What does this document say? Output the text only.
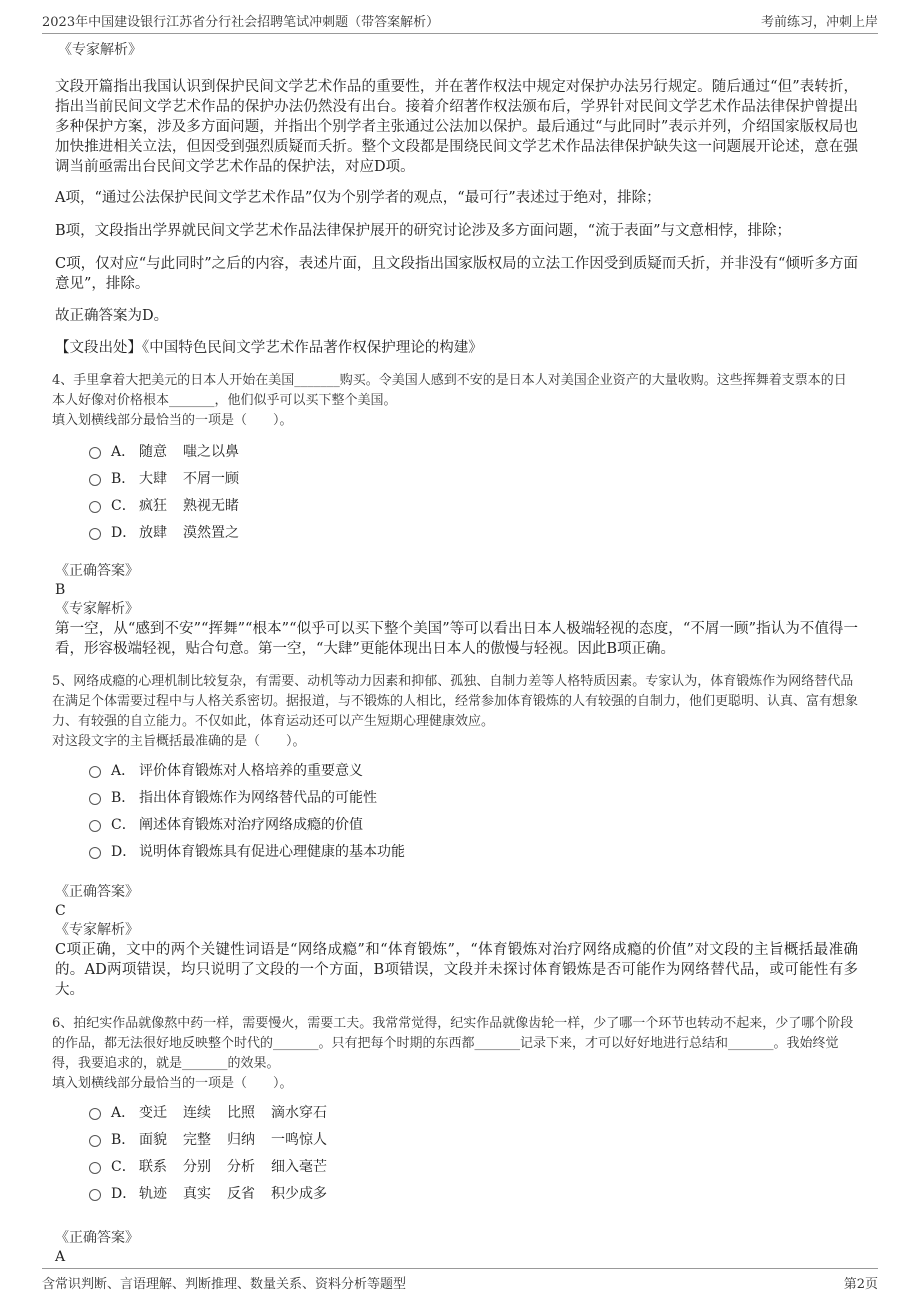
2023年中国建设银行江苏省分行社会招聘笔试冲刺题（带答案解析）	考前练习，冲刺上岸
《专家解析》

文段开篇指出我国认识到保护民间文学艺术作品的重要性，并在著作权法中规定对保护办法另行规定。随后通过“但”表转折，指出当前民间文学艺术作品的保护办法仍然没有出台。接着介绍著作权法颁布后，学界针对民间文学艺术作品法律保护曾提出多种保护方案，涉及多方面问题，并指出个别学者主张通过公法加以保护。最后通过“与此同时”表示并列，介绍国家版权局也加快推进相关立法，但因受到强烈质疑而夭折。整个文段都是围绕民间文学艺术作品法律保护缺失这一问题展开论述，意在强调当前亟需出台民间文学艺术作品的保护法，对应D项。

A项，“通过公法保护民间文学艺术作品”仅为个别学者的观点，“最可行”表述过于绝对，排除；

B项，文段指出学界就民间文学艺术作品法律保护展开的研究讨论涉及多方面问题，“流于表面”与文意相悖，排除；

C项，仅对应“与此同时”之后的内容，表述片面，且文段指出国家版权局的立法工作因受到质疑而夭折，并非没有“倾听多方面意见”，排除。

故正确答案为D。

【文段出处】《中国特色民间文学艺术作品著作权保护理论的构建》

4、手里拿着大把美元的日本人开始在美国_______购买。令美国人感到不安的是日本人对美国企业资产的大量收购。这些挥舞着支票本的日本人好像对价格根本_______，他们似乎可以买下整个美国。
填入划横线部分最恰当的一项是（　　）。
A． 随意 嗤之以鼻
B． 大肆 不屑一顾
C． 疯狂 熟视无睹
D． 放肆 漠然置之
《正确答案》
B
《专家解析》

第一空，从“感到不安”“挥舞”“根本”“似乎可以买下整个美国”等可以看出日本人极端轻视的态度，“不屑一顾”指认为不值得一看，形容极端轻视，贴合句意。第一空，“大肆”更能体现出日本人的傲慢与轻视。因此B项正确。

5、网络成瘾的心理机制比较复杂，有需要、动机等动力因素和抑郁、孤独、自制力差等人格特质因素。专家认为，体育锻炼作为网络替代品在满足个体需要过程中与人格关系密切。据报道，与不锻炼的人相比，经常参加体育锻炼的人有较强的自制力，他们更聪明、认真、富有想象力、有较强的自立能力。不仅如此，体育运动还可以产生短期心理健康效应。
对这段文字的主旨概括最准确的是（　　）。
A． 评价体育锻炼对人格培养的重要意义
B． 指出体育锻炼作为网络替代品的可能性
C． 阐述体育锻炼对治疗网络成瘾的价值
D． 说明体育锻炼具有促进心理健康的基本功能
《正确答案》
C
《专家解析》

C项正确，文中的两个关键性词语是“网络成瘾”和“体育锻炼”，“体育锻炼对治疗网络成瘾的价值”对文段的主旨概括最准确的。AD两项错误，均只说明了文段的一个方面，B项错误，文段并未探讨体育锻炼是否可能作为网络替代品，或可能性有多大。

6、拍纪实作品就像熬中药一样，需要慢火，需要工夫。我常常觉得，纪实作品就像齿轮一样，少了哪一个环节也转动不起来，少了哪个阶段的作品，都无法很好地反映整个时代的_______。只有把每个时期的东西都_______记录下来，才可以好好地进行总结和_______。我始终觉得，我要追求的，就是_______的效果。
填入划横线部分最恰当的一项是（　　）。
A． 变迁 连续 比照 滴水穿石
B． 面貌 完整 归纳 一鸣惊人
C． 联系 分别 分析 细入毫芒
D． 轨迹 真实 反省 积少成多
《正确答案》
A
含常识判断、言语理解、判断推理、数量关系、资料分析等题型	第2页
